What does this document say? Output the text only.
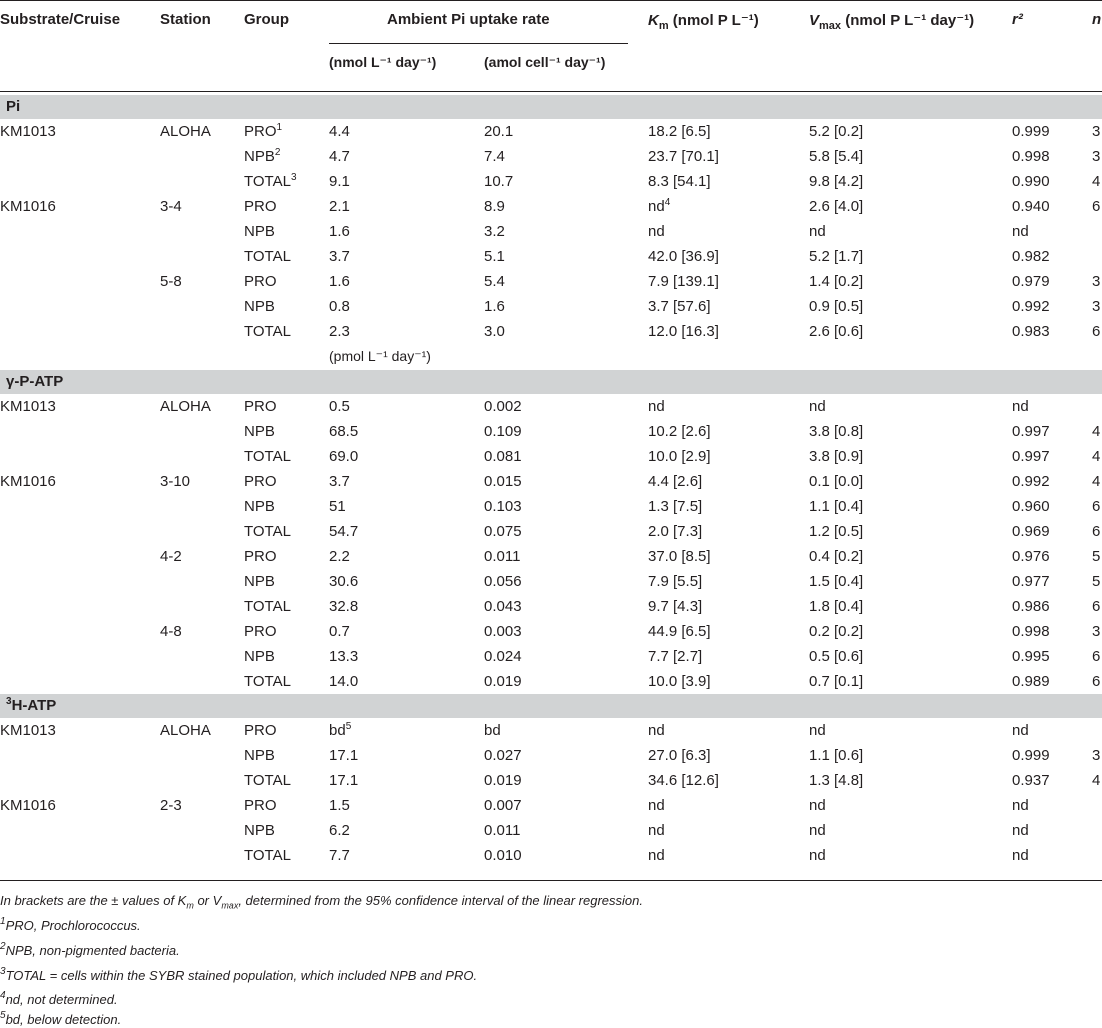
Substrate/Cruise	Station Group	Ambient Pi uptake rate
(nmol L⁻¹ day⁻¹)	(amol cell⁻¹ day⁻¹)
$K_m$ (nmol P L⁻¹)	$V_{max}$ (nmol P L⁻¹ day⁻¹)	r²	n
Pi
KM1013	ALOHA PRO$^1$	4.4	20.1	18.2 [6.5]	5.2 [0.2]	0.999	3
NPB$^2$	4.7	7.4	23.7 [70.1]	5.8 [5.4]	0.998	3
TOTAL$^3$ 9.1	10.7	8.3 [54.1]	9.8 [4.2]	0.990	4
KM1016	3-4	PRO	2.1	8.9	$nd^4$	2.6 [4.0]	0.940	6
NPB	1.6	3.2	nd	nd	nd
TOTAL	3.7	5.1	42.0 [36.9]	5.2 [1.7]	0.982
5-8	PRO	1.6	5.4	7.9 [139.1]	1.4 [0.2]	0.979	3
NPB	0.8	1.6	3.7 [57.6]	0.9 [0.5]	0.992	3
TOTAL	2.3	3.0	12.0 [16.3]	2.6 [0.6]	0.983	6
(pmol L⁻¹ day⁻¹)
γ-P-ATP
KM1013	ALOHA PRO	0.5	0.002	nd	nd	nd
NPB	68.5	0.109	10.2 [2.6]	3.8 [0.8]	0.997	4
TOTAL	69.0	0.081	10.0 [2.9]	3.8 [0.9]	0.997	4
KM1016	3-10	PRO	3.7	0.015	4.4 [2.6]	0.1 [0.0]	0.992	4
NPB	51	0.103	1.3 [7.5]	1.1 [0.4]	0.960	6
TOTAL	54.7	0.075	2.0 [7.3]	1.2 [0.5]	0.969	6
4-2	PRO	2.2	0.011	37.0 [8.5]	0.4 [0.2]	0.976	5
NPB	30.6	0.056	7.9 [5.5]	1.5 [0.4]	0.977	5
TOTAL	32.8	0.043	9.7 [4.3]	1.8 [0.4]	0.986	6
4-8	PRO	0.7	0.003	44.9 [6.5]	0.2 [0.2]	0.998	3
NPB	13.3	0.024	7.7 [2.7]	0.5 [0.6]	0.995	6
TOTAL	14.0	0.019	10.0 [3.9]	0.7 [0.1]	0.989	6
$^3$H-ATP
KM1013	ALOHA PRO	$bd^5$	bd	nd	nd	nd
NPB	17.1	0.027	27.0 [6.3]	1.1 [0.6]	0.999	3
TOTAL	17.1	0.019	34.6 [12.6]	1.3 [4.8]	0.937	4
KM1016	2-3	PRO	1.5	0.007	nd	nd	nd
NPB	6.2	0.011	nd	nd	nd
TOTAL	7.7	0.010	nd	nd	nd
In brackets are the ± values of $K_m$ or $V_{max}$, determined from the 95% confidence interval of the linear regression.
$^1$PRO, Prochlorococcus.
$^2$NPB, non-pigmented bacteria.
$^3$TOTAL = cells within the SYBR stained population, which included NPB and PRO.
$^4$nd, not determined.
$^5$bd, below detection.
